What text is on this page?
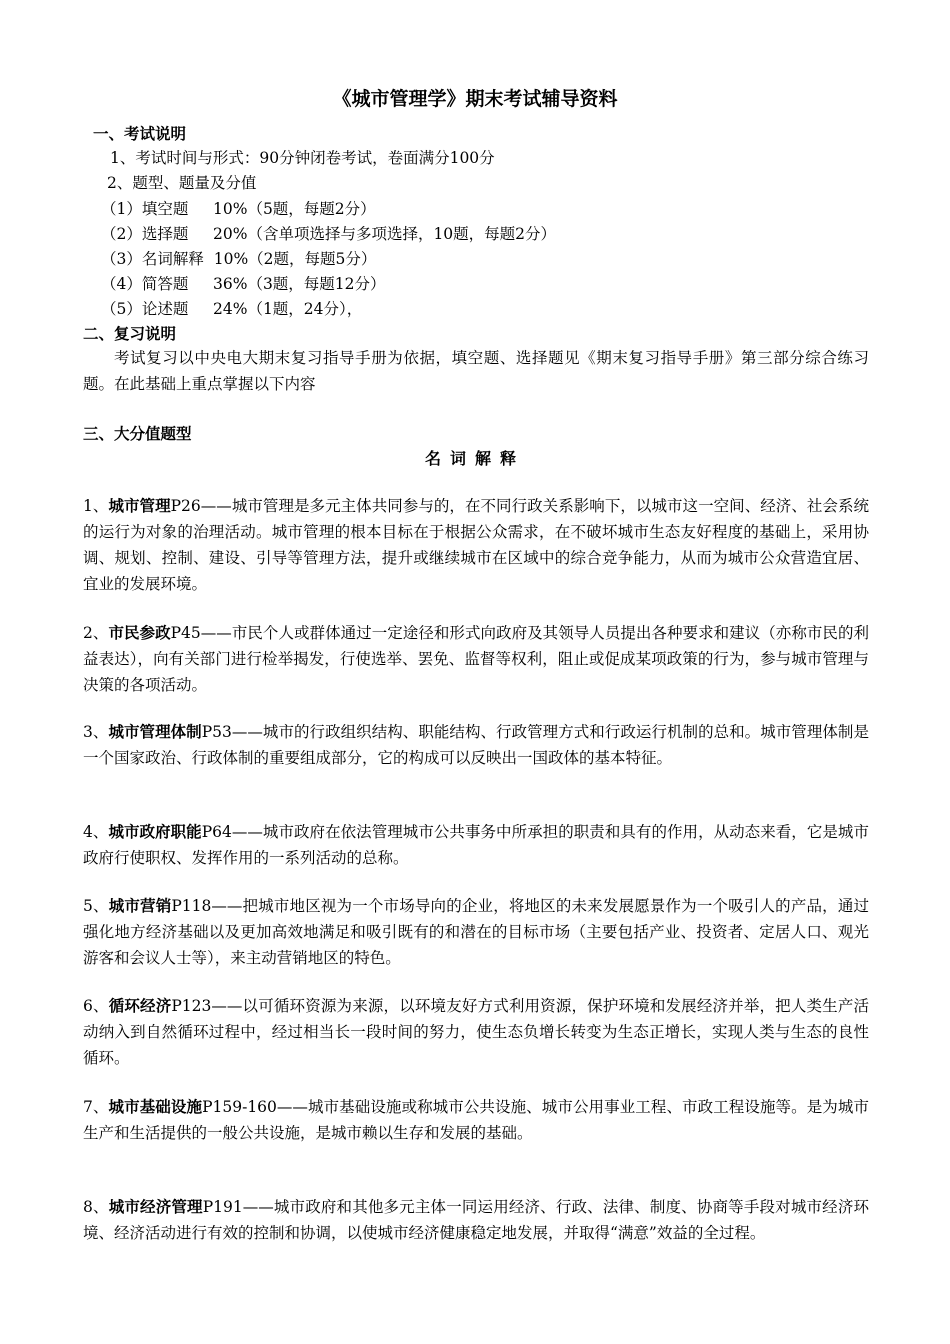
《城市管理学》期末考试辅导资料
一、考试说明
1、考试时间与形式：90分钟闭卷考试，卷面满分100分
2、题型、题量及分值
（1）填空题     10%（5题，每题2分）
（2）选择题     20%（含单项选择与多项选择，10题，每题2分）
（3）名词解释  10%（2题，每题5分）
（4）简答题     36%（3题，每题12分）
（5）论述题     24%（1题，24分），
二、复习说明
考试复习以中央电大期末复习指导手册为依据，填空题、选择题见《期末复习指导手册》第三部分综合练习题。在此基础上重点掌握以下内容
三、大分值题型
名词解释
1、城市管理P26——城市管理是多元主体共同参与的，在不同行政关系影响下，以城市这一空间、经济、社会系统的运行为对象的治理活动。城市管理的根本目标在于根据公众需求，在不破坏城市生态友好程度的基础上，采用协调、规划、控制、建设、引导等管理方法，提升或继续城市在区域中的综合竞争能力，从而为城市公众营造宜居、宜业的发展环境。
2、市民参政P45——市民个人或群体通过一定途径和形式向政府及其领导人员提出各种要求和建议（亦称市民的利益表达），向有关部门进行检举揭发，行使选举、罢免、监督等权利，阻止或促成某项政策的行为，参与城市管理与决策的各项活动。
3、城市管理体制P53——城市的行政组织结构、职能结构、行政管理方式和行政运行机制的总和。城市管理体制是一个国家政治、行政体制的重要组成部分，它的构成可以反映出一国政体的基本特征。
4、城市政府职能P64——城市政府在依法管理城市公共事务中所承担的职责和具有的作用，从动态来看，它是城市政府行使职权、发挥作用的一系列活动的总称。
5、城市营销P118——把城市地区视为一个市场导向的企业，将地区的未来发展愿景作为一个吸引人的产品，通过强化地方经济基础以及更加高效地满足和吸引既有的和潜在的目标市场（主要包括产业、投资者、定居人口、观光游客和会议人士等），来主动营销地区的特色。
6、循环经济P123——以可循环资源为来源，以环境友好方式利用资源，保护环境和发展经济并举，把人类生产活动纳入到自然循环过程中，经过相当长一段时间的努力，使生态负增长转变为生态正增长，实现人类与生态的良性循环。
7、城市基础设施P159-160——城市基础设施或称城市公共设施、城市公用事业工程、市政工程设施等。是为城市生产和生活提供的一般公共设施，是城市赖以生存和发展的基础。
8、城市经济管理P191——城市政府和其他多元主体一同运用经济、行政、法律、制度、协商等手段对城市经济环境、经济活动进行有效的控制和协调，以使城市经济健康稳定地发展，并取得“满意”效益的全过程。
